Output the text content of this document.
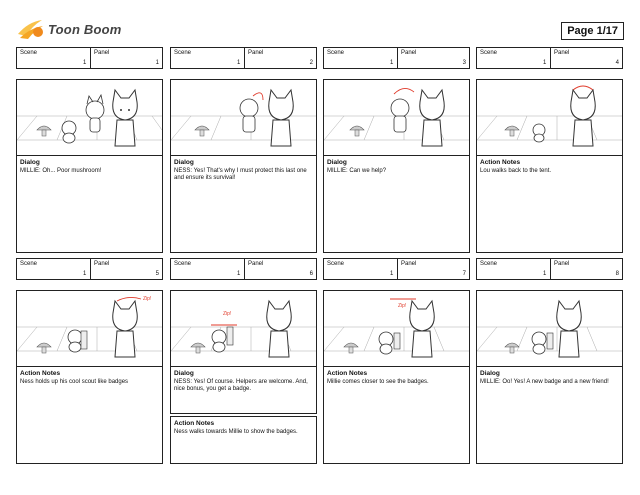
Toon Boom	Page 1/17
Scene
1
Panel
1
Dialog
MILLIE: Oh... Poor mushroom!
Scene
1
Panel
2
Dialog
NESS: Yes! That's why I must protect this last one and ensure its survival!
Scene
1
Panel
3
Dialog
MILLIE: Can we help?
Scene
1
Panel
4
Action Notes
Lou walks back to the tent.
Scene
1
Panel
5
Zip!
Action Notes
Ness holds up his cool scout like badges
Scene
1
Panel
6
Zip!
Dialog
NESS: Yes! Of course. Helpers are welcome. And, nice bonus, you get a badge.
Action Notes
Ness walks towards Millie to show the badges.
Scene
1
Panel
7
Zip!
Action Notes
Millie comes closer to see the badges.
Scene
1
Panel
8
Dialog
MILLIE: Oo! Yes! A new badge and a new friend!
